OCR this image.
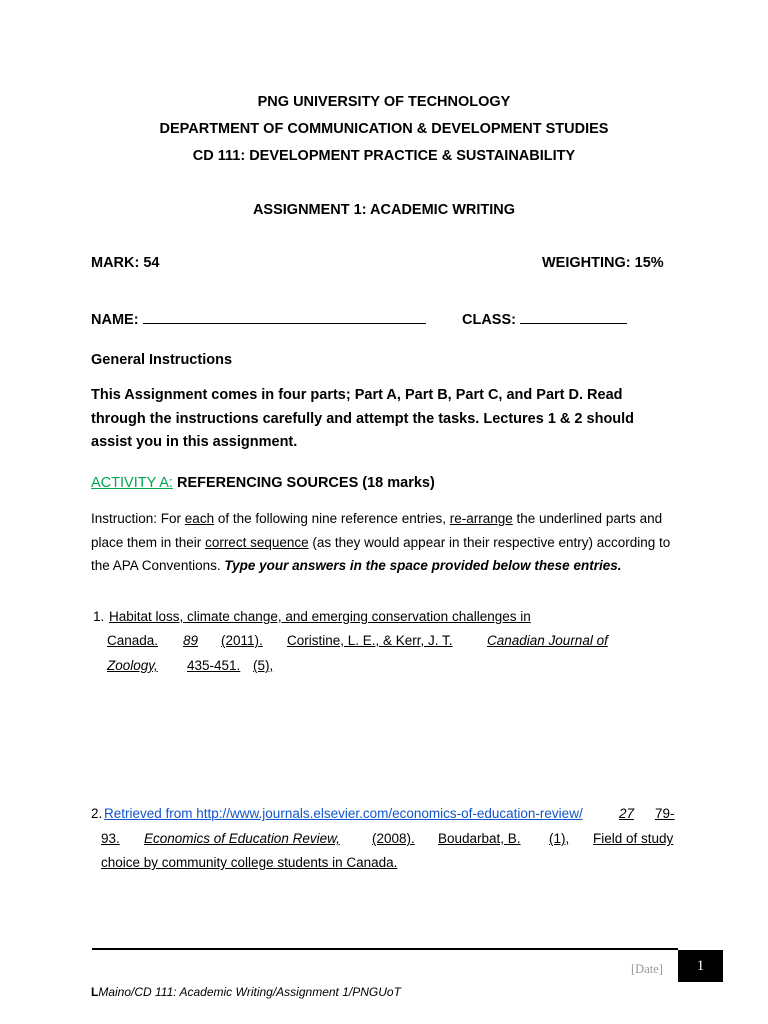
PNG UNIVERSITY OF TECHNOLOGY
DEPARTMENT OF COMMUNICATION & DEVELOPMENT STUDIES
CD 111: DEVELOPMENT PRACTICE & SUSTAINABILITY
ASSIGNMENT 1: ACADEMIC WRITING
MARK: 54	WEIGHTING: 15%
NAME:	CLASS:
General Instructions
This Assignment comes in four parts; Part A, Part B, Part C, and Part D. Read
through the instructions carefully and attempt the tasks. Lectures 1 & 2 should
assist you in this assignment.
ACTIVITY A: REFERENCING SOURCES (18 marks)
Instruction: For each of the following nine reference entries, re-arrange the underlined parts and
place them in their correct sequence (as they would appear in their respective entry) according to
the APA Conventions. Type your answers in the space provided below these entries.
1. Habitat loss, climate change, and emerging conservation challenges in
Canada. 89 (2011). Coristine, L. E., & Kerr, J. T.	Canadian Journal of
Zoology, 435-451. (5),
2. Retrieved from http://www.journals.elsevier.com/economics-of-education-review/	27 79-
93. Economics of Education Review, (2008). Boudarbat, B. (1), Field of study
choice by community college students in Canada.
[Date]	1
LMaino/CD 111: Academic Writing/Assignment 1/PNGUoT
